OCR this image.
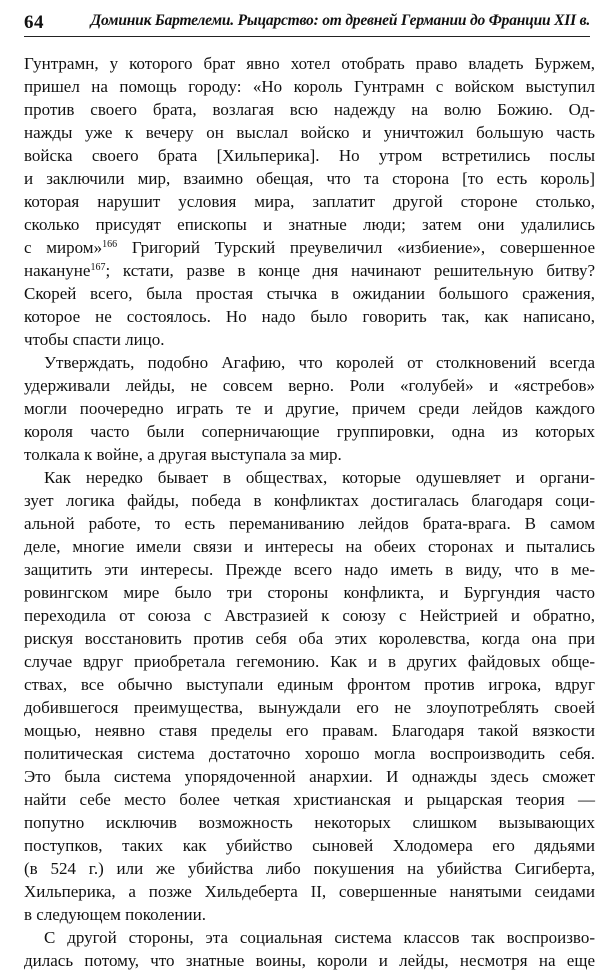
64	Доминик Бартелеми. Рыцарство: от древней Германии до Франции XII в.
Гунтрамн, у которого брат явно хотел отобрать право владеть Буржем,
пришел на помощь городу: «Но король Гунтрамн с войском выступил
против своего брата, возлагая всю надежду на волю Божию. Од-
нажды уже к вечеру он выслал войско и уничтожил большую часть
войска своего брата [Хильперика]. Но утром встретились послы
и заключили мир, взаимно обещая, что та сторона [то есть король]
которая нарушит условия мира, заплатит другой стороне столько,
сколько присудят епископы и знатные люди; затем они удалились
с миром»$^{166}$ Григорий Турский преувеличил «избиение», совершенное
накануне$^{167}$; кстати, разве в конце дня начинают решительную битву?
Скорей всего, была простая стычка в ожидании большого сражения,
которое не состоялось. Но надо было говорить так, как написано,
чтобы спасти лицо.
Утверждать, подобно Агафию, что королей от столкновений всегда
удерживали лейды, не совсем верно. Роли «голубей» и «ястребов»
могли поочередно играть те и другие, причем среди лейдов каждого
короля часто были соперничающие группировки, одна из которых
толкала к войне, а другая выступала за мир.
Как нередко бывает в обществах, которые одушевляет и органи-
зует логика файды, победа в конфликтах достигалась благодаря соци-
альной работе, то есть переманиванию лейдов брата-врага. В самом
деле, многие имели связи и интересы на обеих сторонах и пытались
защитить эти интересы. Прежде всего надо иметь в виду, что в ме-
ровингском мире было три стороны конфликта, и Бургундия часто
переходила от союза с Австразией к союзу с Нейстрией и обратно,
рискуя восстановить против себя оба этих королевства, когда она при
случае вдруг приобретала гегемонию. Как и в других файдовых обще-
ствах, все обычно выступали единым фронтом против игрока, вдруг
добившегося преимущества, вынуждали его не злоупотреблять своей
мощью, неявно ставя пределы его правам. Благодаря такой вязкости
политическая система достаточно хорошо могла воспроизводить себя.
Это была система упорядоченной анархии. И однажды здесь сможет
найти себе место более четкая христианская и рыцарская теория —
попутно исключив возможность некоторых слишком вызывающих
поступков, таких как убийство сыновей Хлодомера его дядьями
(в 524 г.) или же убийства либо покушения на убийства Сигиберта,
Хильперика, а позже Хильдеберта II, совершенные нанятыми сеидами
в следующем поколении.
С другой стороны, эта социальная система классов так воспроизво-
дилась потому, что знатные воины, короли и лейды, несмотря на еще
